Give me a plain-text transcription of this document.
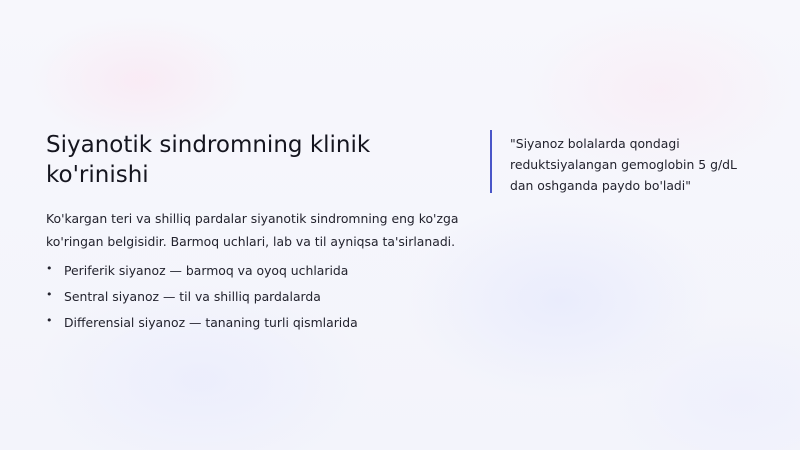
Siyanotik sindromning klinik ko'rinishi

Ko'kargan teri va shilliq pardalar siyanotik sindromning eng ko'zga ko'ringan belgisidir. Barmoq uchlari, lab va til ayniqsa ta'sirlanadi.

• Periferik siyanoz — barmoq va oyoq uchlarida
• Sentral siyanoz — til va shilliq pardalarda
• Differensial siyanoz — tananing turli qismlarida

"Siyanoz bolalarda qondagi reduktsiyalangan gemoglobin 5 g/dL dan oshganda paydo bo'ladi"
